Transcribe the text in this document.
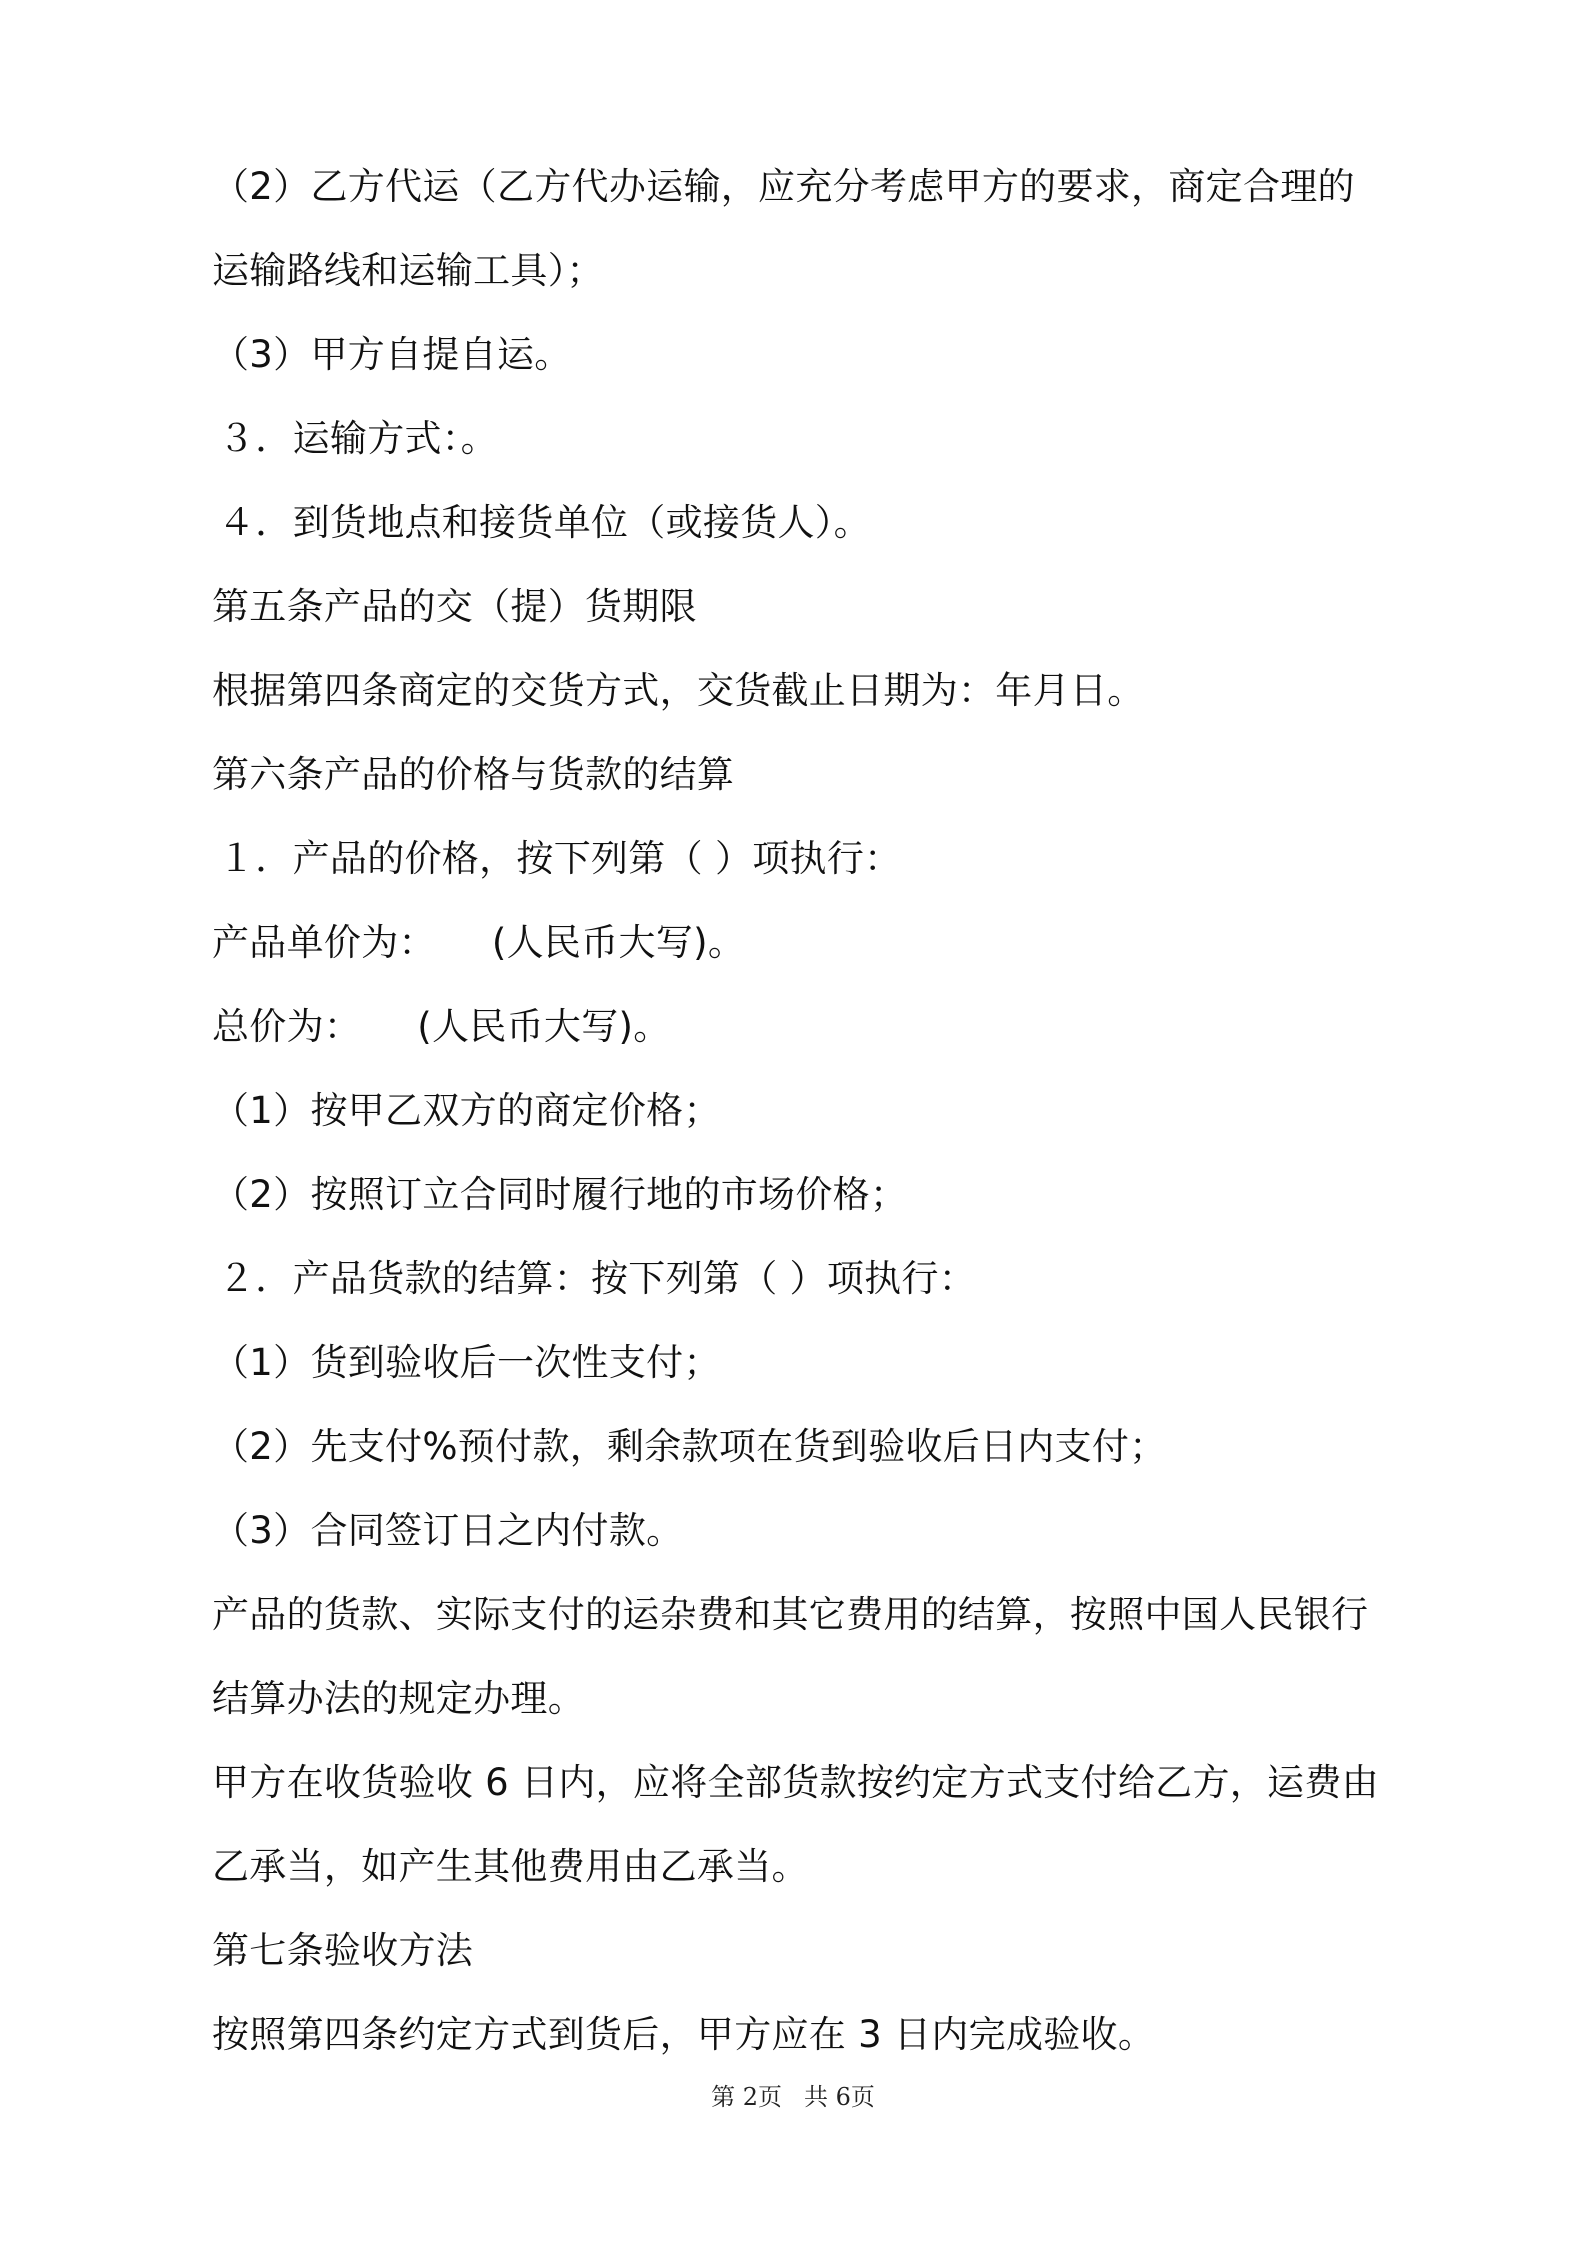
（2）乙方代运（乙方代办运输，应充分考虑甲方的要求，商定合理的
运输路线和运输工具）；
（3）甲方自提自运。
３．运输方式：。
４．到货地点和接货单位（或接货人）。
第五条产品的交（提）货期限
根据第四条商定的交货方式，交货截止日期为：年月日。
第六条产品的价格与货款的结算
１．产品的价格，按下列第（ ）项执行：
产品单价为：　　(人民币大写)。
总价为：　　(人民币大写)。
（1）按甲乙双方的商定价格；
（2）按照订立合同时履行地的市场价格；
２．产品货款的结算：按下列第（ ）项执行：
（1）货到验收后一次性支付；
（2）先支付%预付款，剩余款项在货到验收后日内支付；
（3）合同签订日之内付款。
产品的货款、实际支付的运杂费和其它费用的结算，按照中国人民银行
结算办法的规定办理。
甲方在收货验收 6 日内，应将全部货款按约定方式支付给乙方，运费由
乙承当，如产生其他费用由乙承当。
第七条验收方法
按照第四条约定方式到货后，甲方应在 3 日内完成验收。
第 2页 共 6页
